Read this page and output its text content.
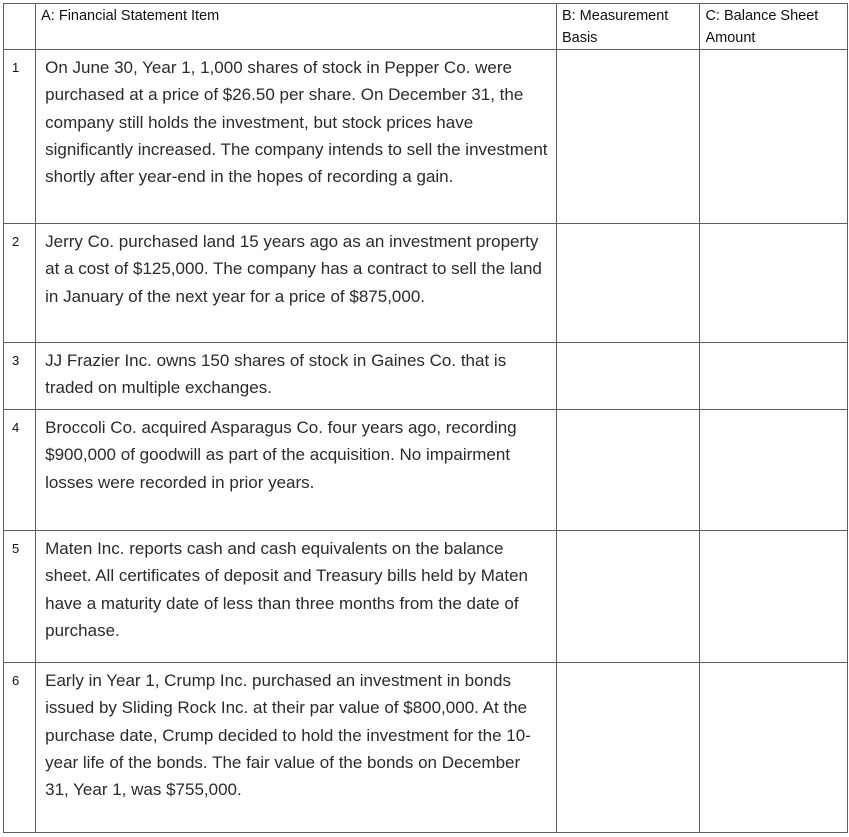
	A: Financial Statement Item	B: Measurement Basis	C: Balance Sheet Amount
1	On June 30, Year 1, 1,000 shares of stock in Pepper Co. were purchased at a price of $26.50 per share. On December 31, the company still holds the investment, but stock prices have significantly increased. The company intends to sell the investment shortly after year-end in the hopes of recording a gain.		
2	Jerry Co. purchased land 15 years ago as an investment property at a cost of $125,000. The company has a contract to sell the land in January of the next year for a price of $875,000.		
3	JJ Frazier Inc. owns 150 shares of stock in Gaines Co. that is traded on multiple exchanges.		
4	Broccoli Co. acquired Asparagus Co. four years ago, recording $900,000 of goodwill as part of the acquisition. No impairment losses were recorded in prior years.		
5	Maten Inc. reports cash and cash equivalents on the balance sheet. All certificates of deposit and Treasury bills held by Maten have a maturity date of less than three months from the date of purchase.		
6	Early in Year 1, Crump Inc. purchased an investment in bonds issued by Sliding Rock Inc. at their par value of $800,000. At the purchase date, Crump decided to hold the investment for the 10-year life of the bonds. The fair value of the bonds on December 31, Year 1, was $755,000.		
